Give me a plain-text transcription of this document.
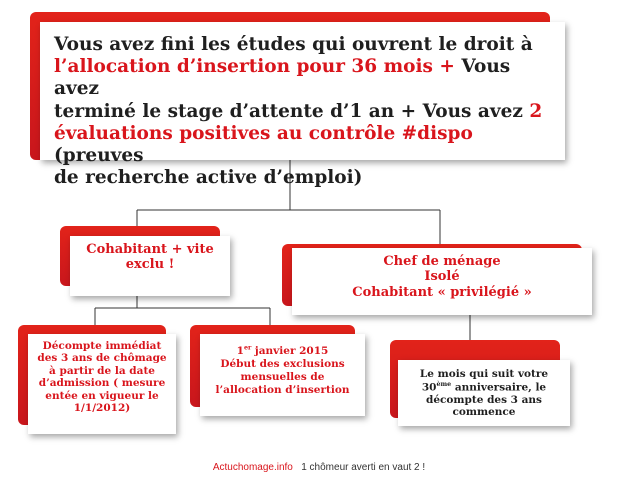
Vous avez fini les études qui ouvrent le droit à
l’allocation d’insertion pour 36 mois + Vous avez
terminé le stage d’attente d’1 an + Vous avez 2
évaluations positives au contrôle #dispo (preuves
de recherche active d’emploi)
Cohabitant + vite exclu !	Chef de ménage
Isolé
Cohabitant « privilégié »
Décompte immédiat des 3 ans de chômage à partir de la date d’admission ( mesure entée en vigueur le 1/1/2012)
1er janvier 2015
Début des exclusions mensuelles de l’allocation d’insertion
Le mois qui suit votre 30ème anniversaire, le décompte des 3 ans commence
Actuchomage.info 1 chômeur averti en vaut 2 !
